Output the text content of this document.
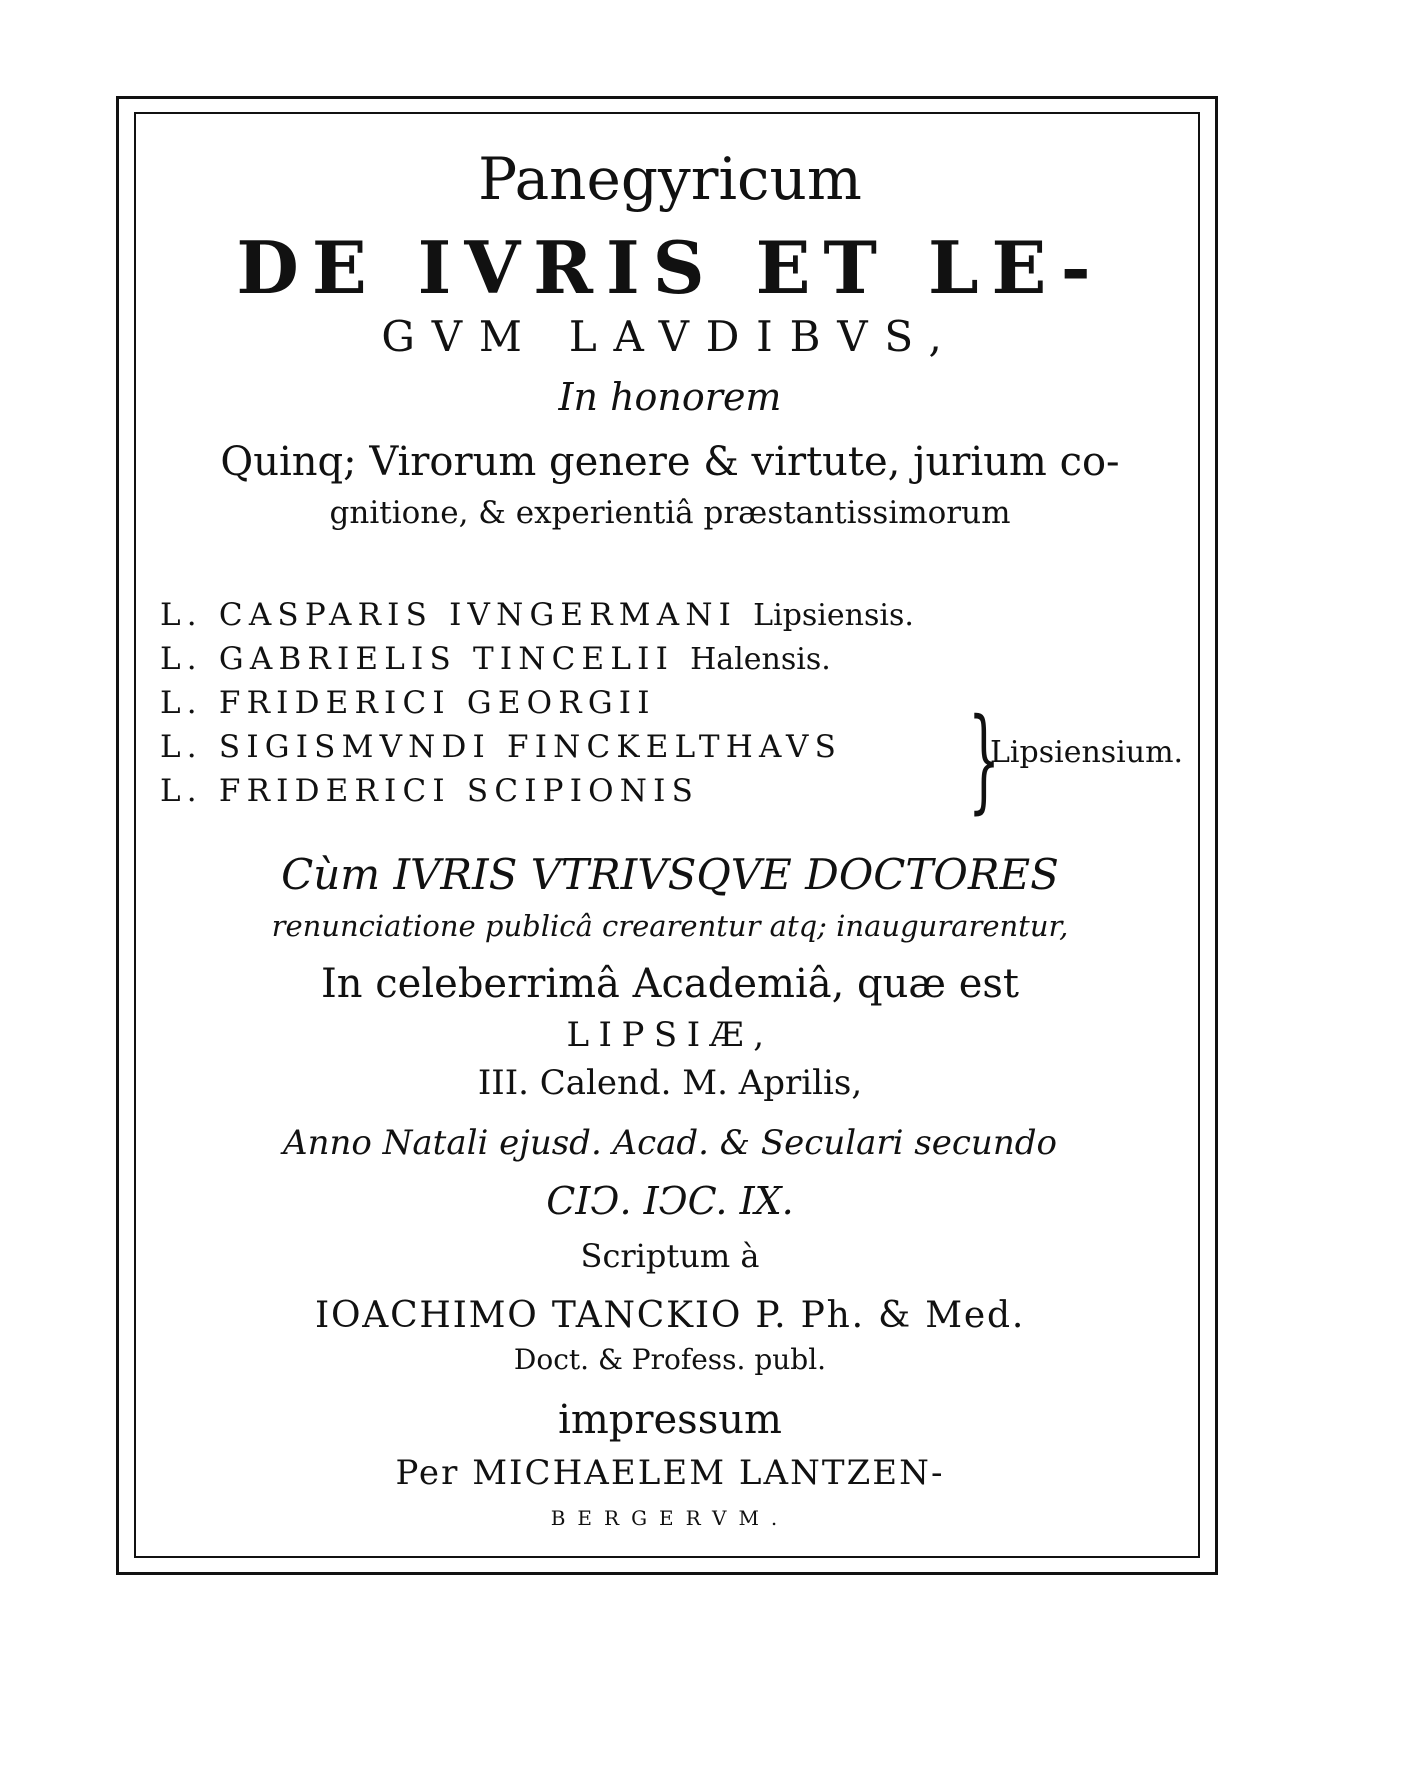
Panegyricum
DE IVRIS ET LE-
GVM LAVDIBVS,
In honorem
Quinq; Virorum genere & virtute, jurium co-
gnitione, & experientiâ præstantissimorum
L. CASPARIS IVNGERMANI Lipsiensis.
L. GABRIELIS TINCELII Halensis.
L. FRIDERICI GEORGII
L. SIGISMVNDI FINCKELTHAVS
L. FRIDERICI SCIPIONIS }
Lipsiensium.
Cùm IVRIS VTRIVSQVE DOCTORES
renunciatione publicâ crearentur atq; inaugurarentur,
In celeberrimâ Academiâ, quæ est
LIPSIÆ,
III. Calend. M. Aprilis,
Anno Natali ejusd. Acad. & Seculari secundo
CIↃ. IↃC. IX.
Scriptum à
IOACHIMO TANCKIO P. Ph. & Med.
Doct. & Profess. publ.
impressum
Per MICHAELEM LANTZEN-
BERGERVM.
